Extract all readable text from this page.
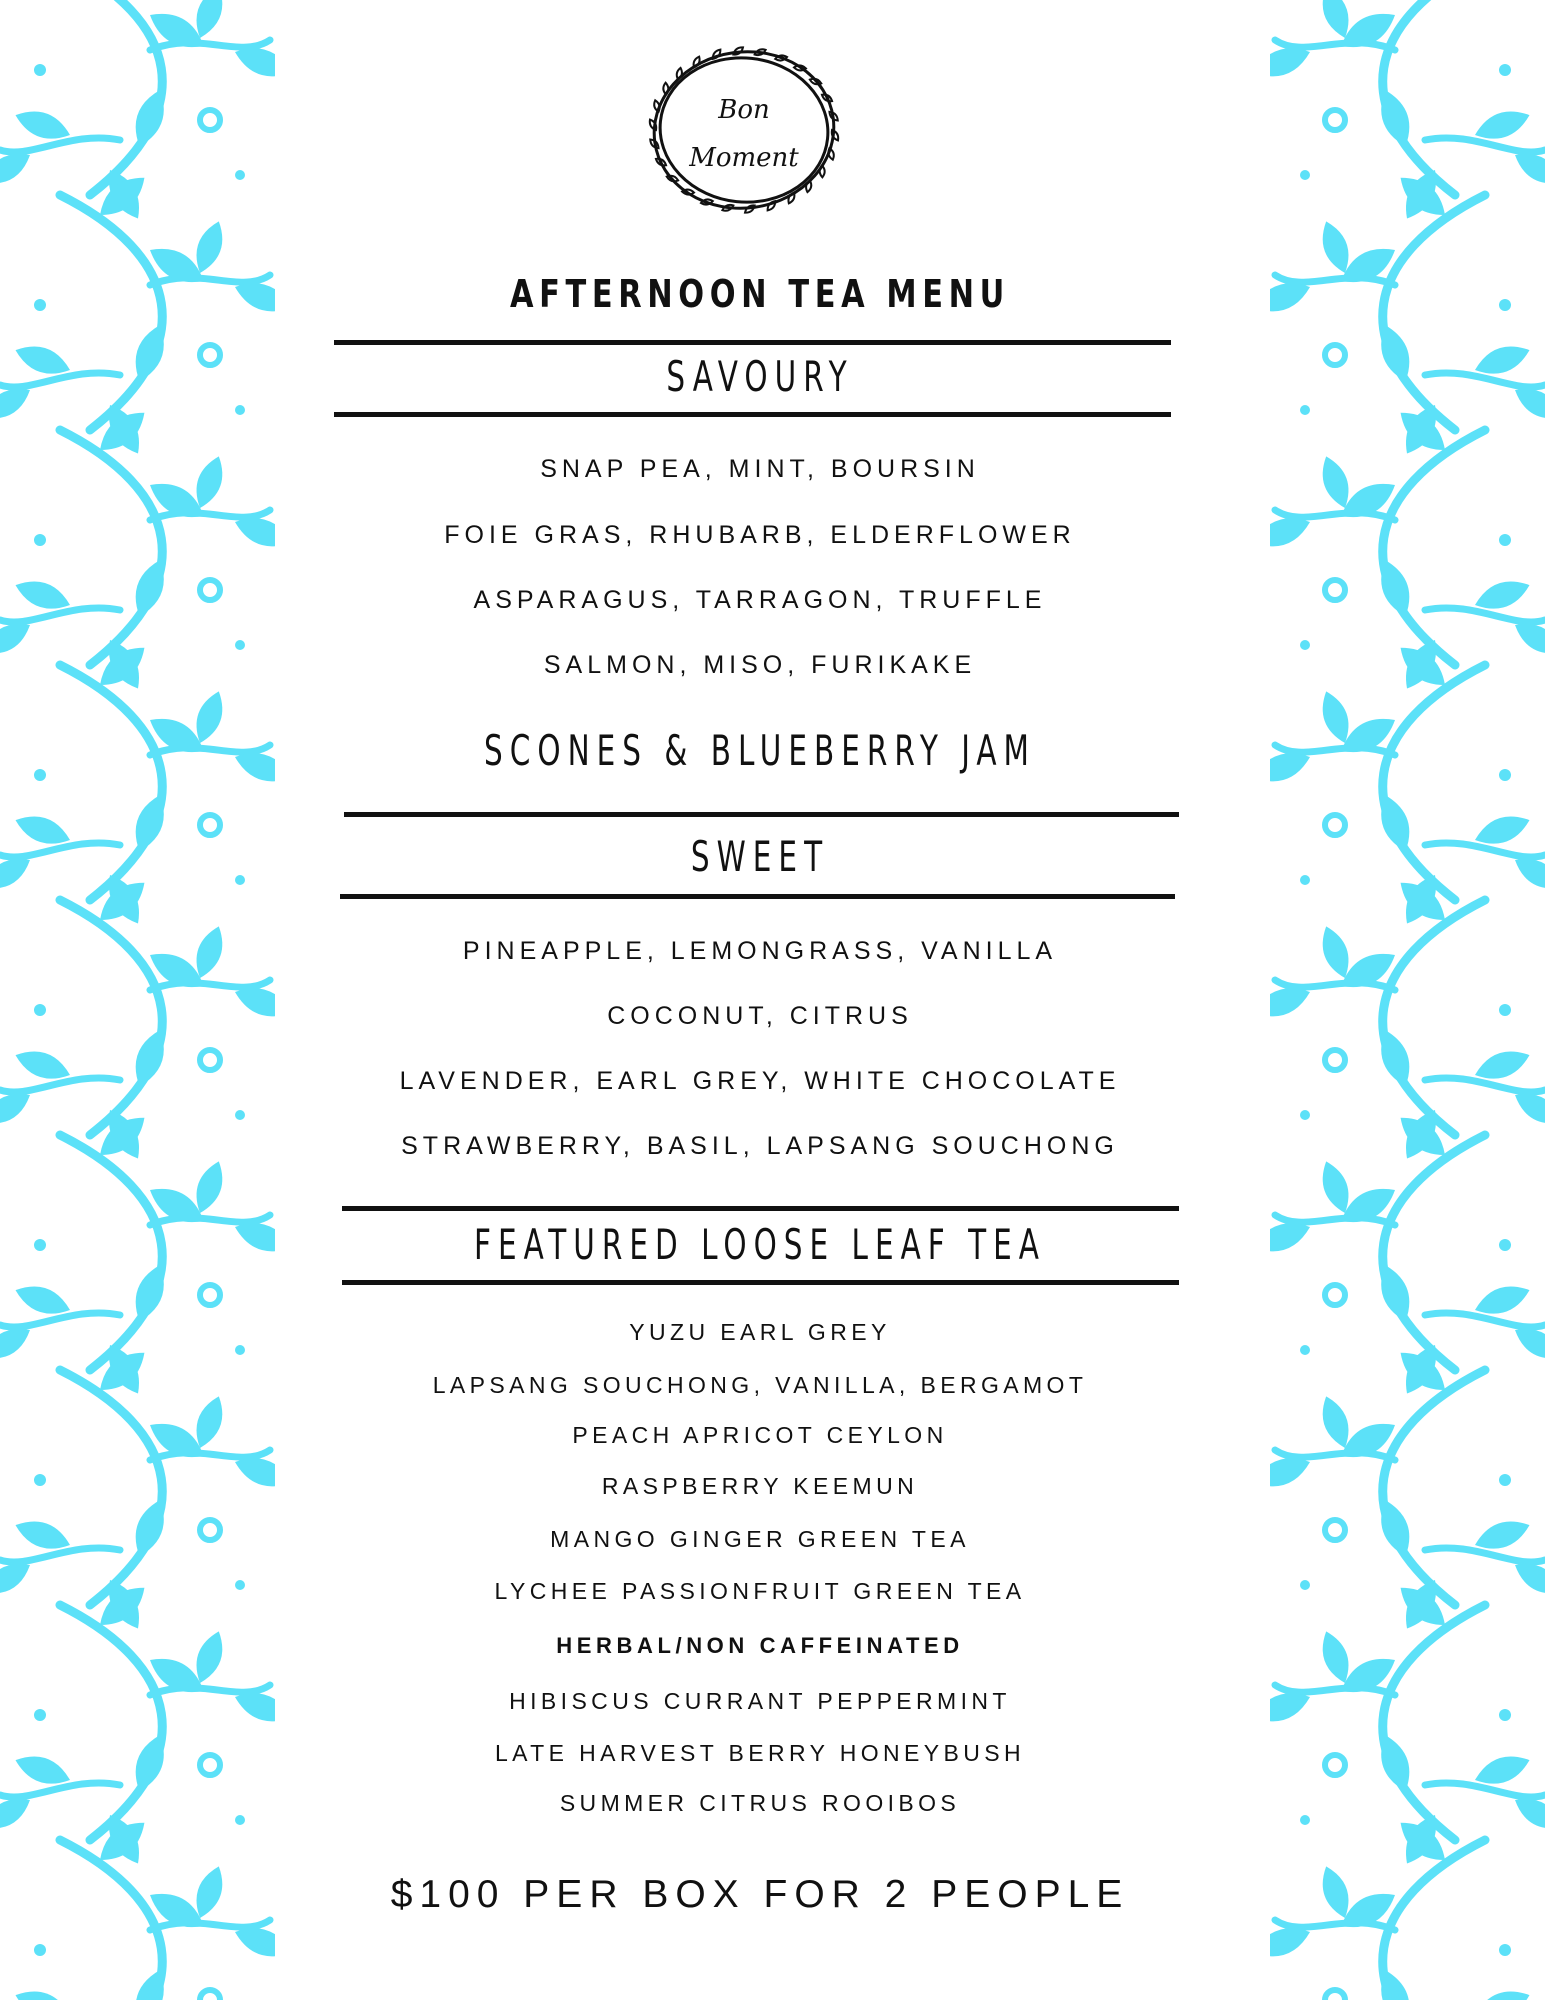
Bon
Moment
AFTERNOON TEA MENU
SAVOURY
SNAP PEA, MINT, BOURSIN
FOIE GRAS, RHUBARB, ELDERFLOWER
ASPARAGUS, TARRAGON, TRUFFLE
SALMON, MISO, FURIKAKE
SCONES & BLUEBERRY JAM
SWEET
PINEAPPLE, LEMONGRASS, VANILLA
COCONUT, CITRUS
LAVENDER, EARL GREY, WHITE CHOCOLATE
STRAWBERRY, BASIL, LAPSANG SOUCHONG
FEATURED LOOSE LEAF TEA
YUZU EARL GREY
LAPSANG SOUCHONG, VANILLA, BERGAMOT
PEACH APRICOT CEYLON
RASPBERRY KEEMUN
MANGO GINGER GREEN TEA
LYCHEE PASSIONFRUIT GREEN TEA
HERBAL/NON CAFFEINATED
HIBISCUS CURRANT PEPPERMINT
LATE HARVEST BERRY HONEYBUSH
SUMMER CITRUS ROOIBOS
$100 PER BOX FOR 2 PEOPLE
